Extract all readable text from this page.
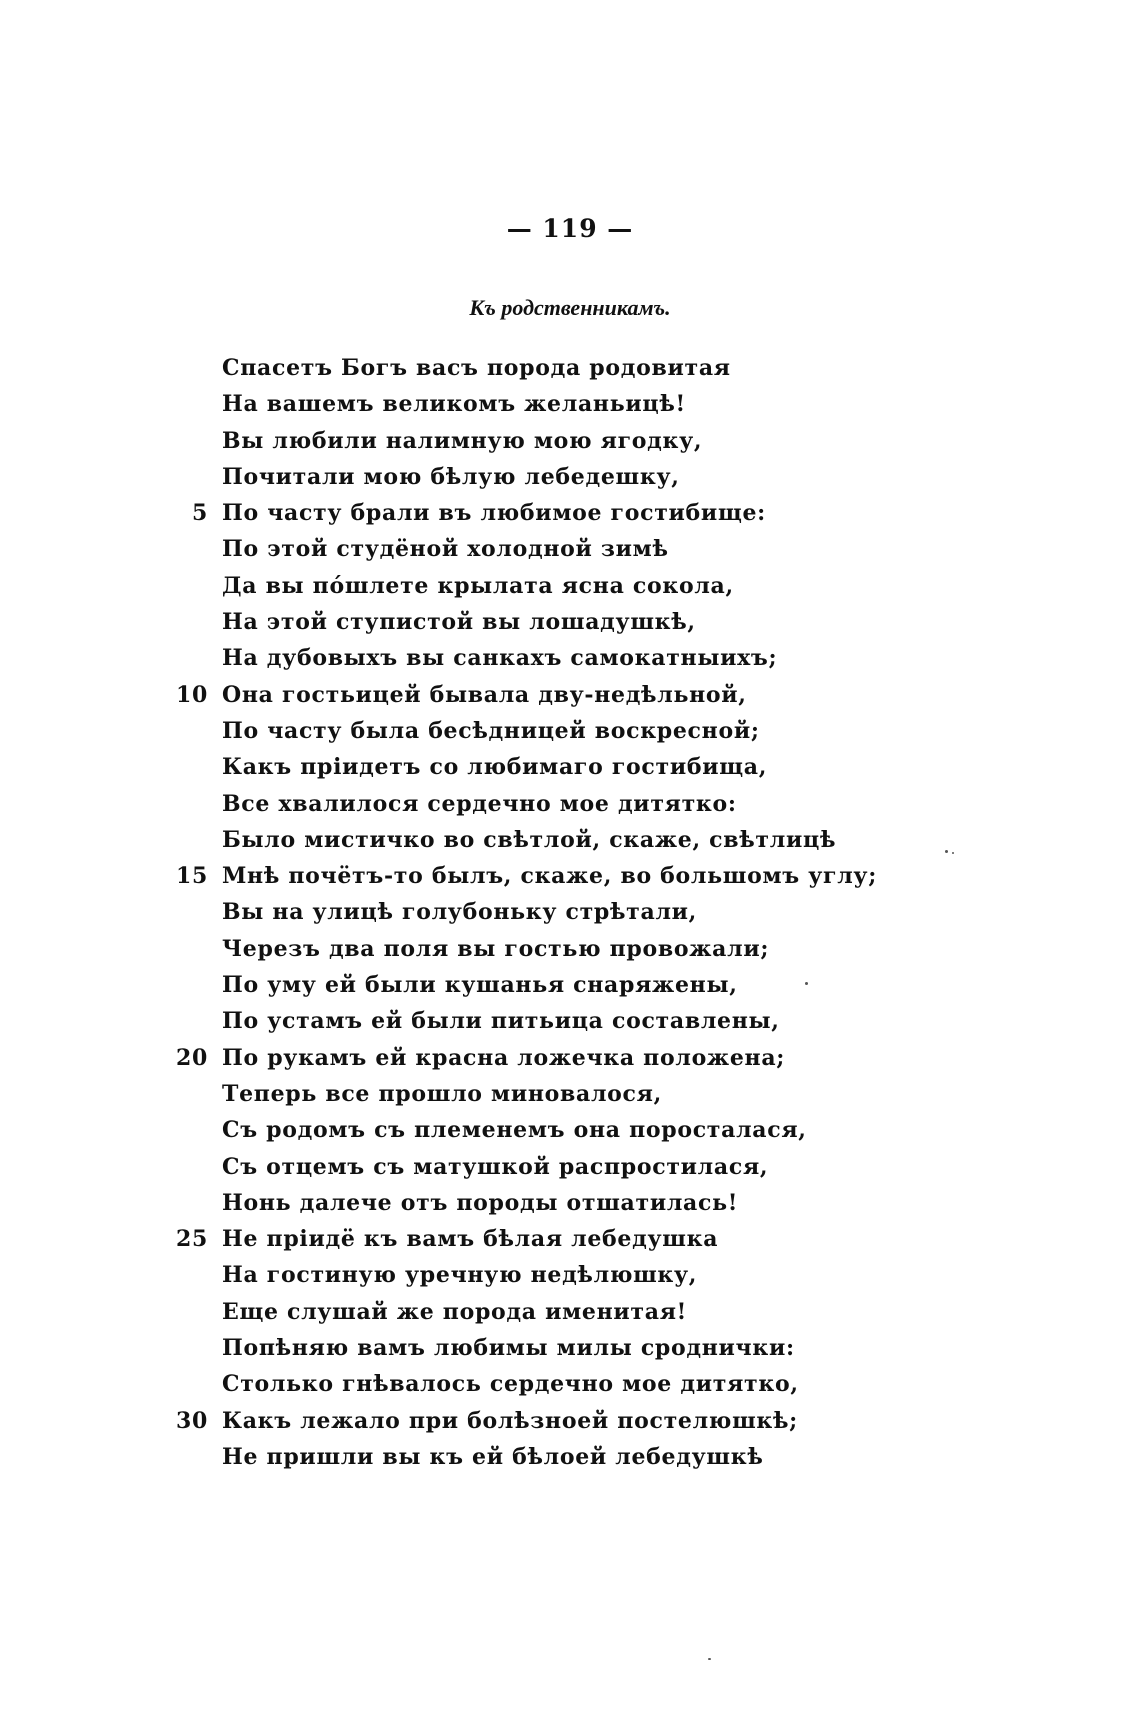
— 119 —
Къ родственникамъ.
Спасетъ Богъ васъ порода родовитая
На вашемъ великомъ желаньицѣ!
Вы любили налимную мою ягодку,
Почитали мою бѣлую лебедешку,
5 По часту брали въ любимое гостибище:
По этой студёной холодной зимѣ
Да вы пóшлете крылата ясна сокола,
На этой ступистой вы лошадушкѣ,
На дубовыхъ вы санкахъ самокатныихъ;
10 Она гостьицей бывала дву-недѣльной,
По часту была бесѣдницей воскресной;
Какъ пріидетъ со любимаго гостибища,
Все хвалилося сердечно мое дитятко:
Было мистичко во свѣтлой, скаже, свѣтлицѣ
15 Мнѣ почётъ-то былъ, скаже, во большомъ углу;
Вы на улицѣ голубоньку стрѣтали,
Черезъ два поля вы гостью провожали;
По уму ей были кушанья снаряжены,
По устамъ ей были питьица составлены,
20 По рукамъ ей красна ложечка положена;
Теперь все прошло миновалося,
Съ родомъ съ племенемъ она поросталася,
Съ отцемъ съ матушкой распростилася,
Нонь далече отъ породы отшатилась!
25 Не пріидё къ вамъ бѣлая лебедушка
На гостиную уречную недѣлюшку,
Еще слушай же порода именитая!
Попѣняю вамъ любимы милы сроднички:
Столько гнѣвалось сердечно мое дитятко,
30 Какъ лежало при болѣзноей постелюшкѣ;
Не пришли вы къ ей бѣлоей лебедушкѣ
